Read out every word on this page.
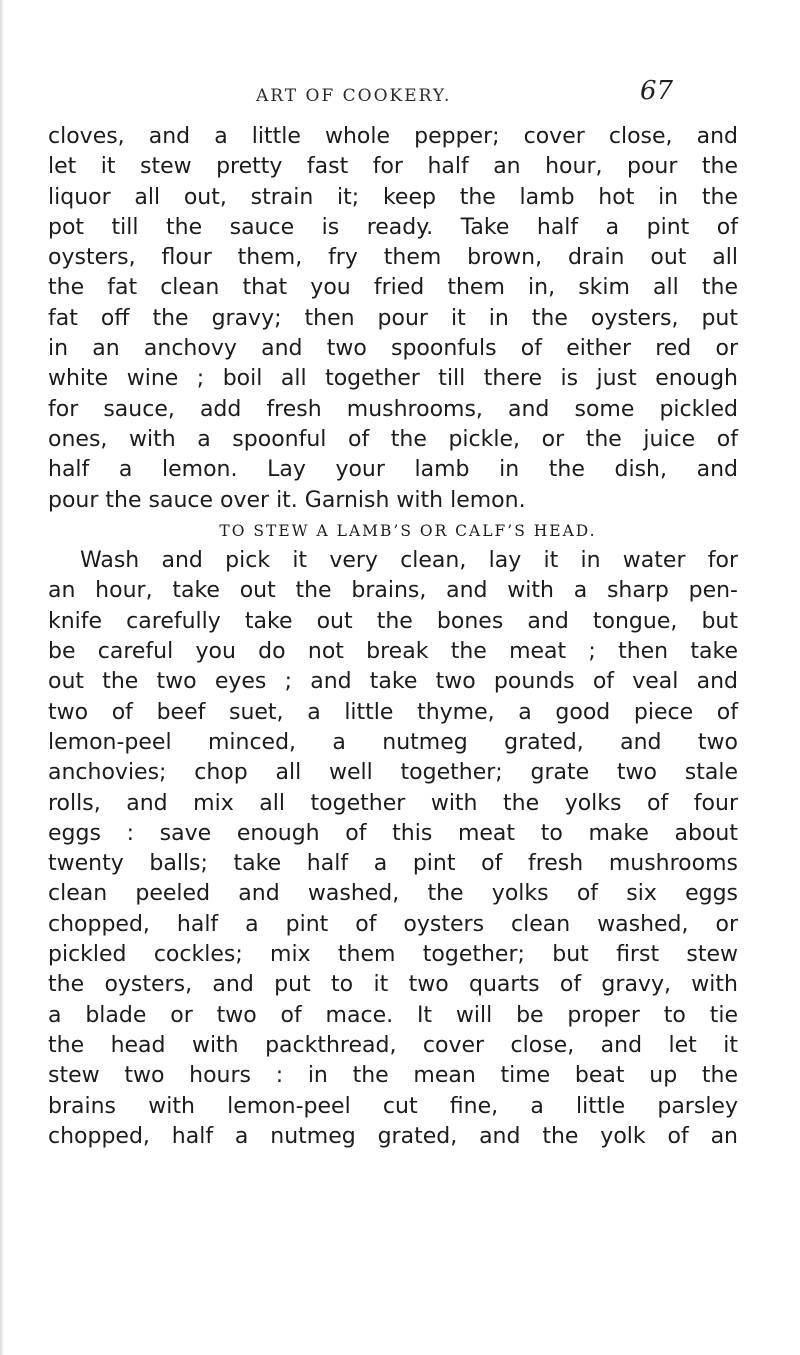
ART OF COOKERY.	67
cloves, and a little whole pepper; cover close, and
let it stew pretty fast for half an hour, pour the
liquor all out, strain it; keep the lamb hot in the
pot till the sauce is ready. Take half a pint of
oysters, flour them, fry them brown, drain out all
the fat clean that you fried them in, skim all the
fat off the gravy; then pour it in the oysters, put
in an anchovy and two spoonfuls of either red or
white wine ; boil all together till there is just enough
for sauce, add fresh mushrooms, and some pickled
ones, with a spoonful of the pickle, or the juice of
half a lemon. Lay your lamb in the dish, and
pour the sauce over it. Garnish with lemon.
TO STEW A LAMB’S OR CALF’S HEAD.
Wash and pick it very clean, lay it in water for
an hour, take out the brains, and with a sharp pen-
knife carefully take out the bones and tongue, but
be careful you do not break the meat ; then take
out the two eyes ; and take two pounds of veal and
two of beef suet, a little thyme, a good piece of
lemon-peel minced, a nutmeg grated, and two
anchovies; chop all well together; grate two stale
rolls, and mix all together with the yolks of four
eggs : save enough of this meat to make about
twenty balls; take half a pint of fresh mushrooms
clean peeled and washed, the yolks of six eggs
chopped, half a pint of oysters clean washed, or
pickled cockles; mix them together; but first stew
the oysters, and put to it two quarts of gravy, with
a blade or two of mace. It will be proper to tie
the head with packthread, cover close, and let it
stew two hours : in the mean time beat up the
brains with lemon-peel cut fine, a little parsley
chopped, half a nutmeg grated, and the yolk of an
